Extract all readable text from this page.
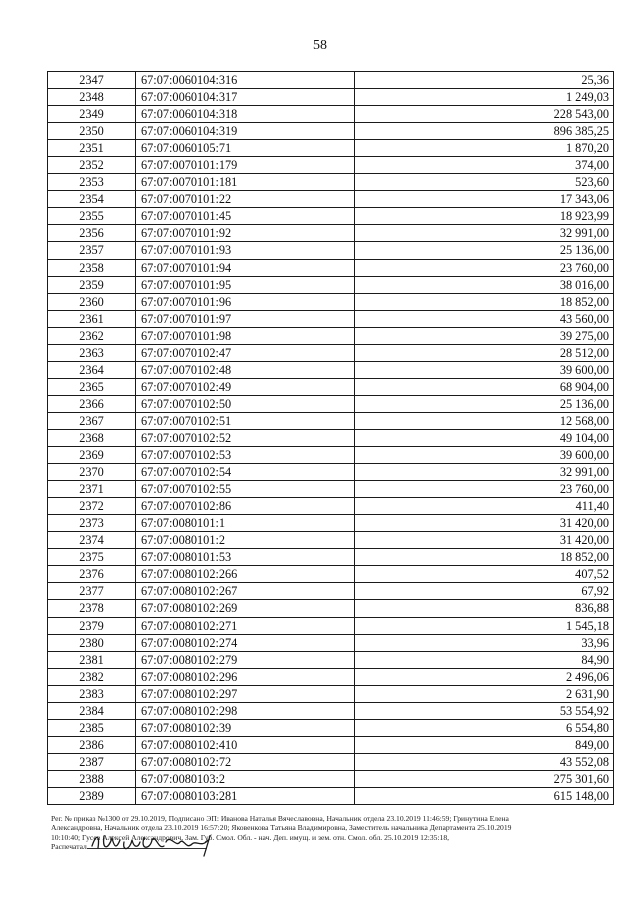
58
2347	67:07:0060104:316	25,36
2348	67:07:0060104:317	1 249,03
2349	67:07:0060104:318	228 543,00
2350	67:07:0060104:319	896 385,25
2351	67:07:0060105:71	1 870,20
2352	67:07:0070101:179	374,00
2353	67:07:0070101:181	523,60
2354	67:07:0070101:22	17 343,06
2355	67:07:0070101:45	18 923,99
2356	67:07:0070101:92	32 991,00
2357	67:07:0070101:93	25 136,00
2358	67:07:0070101:94	23 760,00
2359	67:07:0070101:95	38 016,00
2360	67:07:0070101:96	18 852,00
2361	67:07:0070101:97	43 560,00
2362	67:07:0070101:98	39 275,00
2363	67:07:0070102:47	28 512,00
2364	67:07:0070102:48	39 600,00
2365	67:07:0070102:49	68 904,00
2366	67:07:0070102:50	25 136,00
2367	67:07:0070102:51	12 568,00
2368	67:07:0070102:52	49 104,00
2369	67:07:0070102:53	39 600,00
2370	67:07:0070102:54	32 991,00
2371	67:07:0070102:55	23 760,00
2372	67:07:0070102:86	411,40
2373	67:07:0080101:1	31 420,00
2374	67:07:0080101:2	31 420,00
2375	67:07:0080101:53	18 852,00
2376	67:07:0080102:266	407,52
2377	67:07:0080102:267	67,92
2378	67:07:0080102:269	836,88
2379	67:07:0080102:271	1 545,18
2380	67:07:0080102:274	33,96
2381	67:07:0080102:279	84,90
2382	67:07:0080102:296	2 496,06
2383	67:07:0080102:297	2 631,90
2384	67:07:0080102:298	53 554,92
2385	67:07:0080102:39	6 554,80
2386	67:07:0080102:410	849,00
2387	67:07:0080102:72	43 552,08
2388	67:07:0080103:2	275 301,60
2389	67:07:0080103:281	615 148,00

Рег. № приказ №1300 от 29.10.2019, Подписано ЭП: Иванова Наталья Вячеславовна, Начальник отдела 23.10.2019 11:46:59; Гринутина Елена

Александровна, Начальник отдела 23.10.2019 16:57:20; Яковенкова Татьяна Владимировна, Заместитель начальника Департамента 25.10.2019

10:10:40; Гусев Алексей Александрович, Зам. Губ. Смол. Обл. - нач. Деп. имущ. и зем. отн. Смол. обл. 25.10.2019 12:35:18,

Распечатал
